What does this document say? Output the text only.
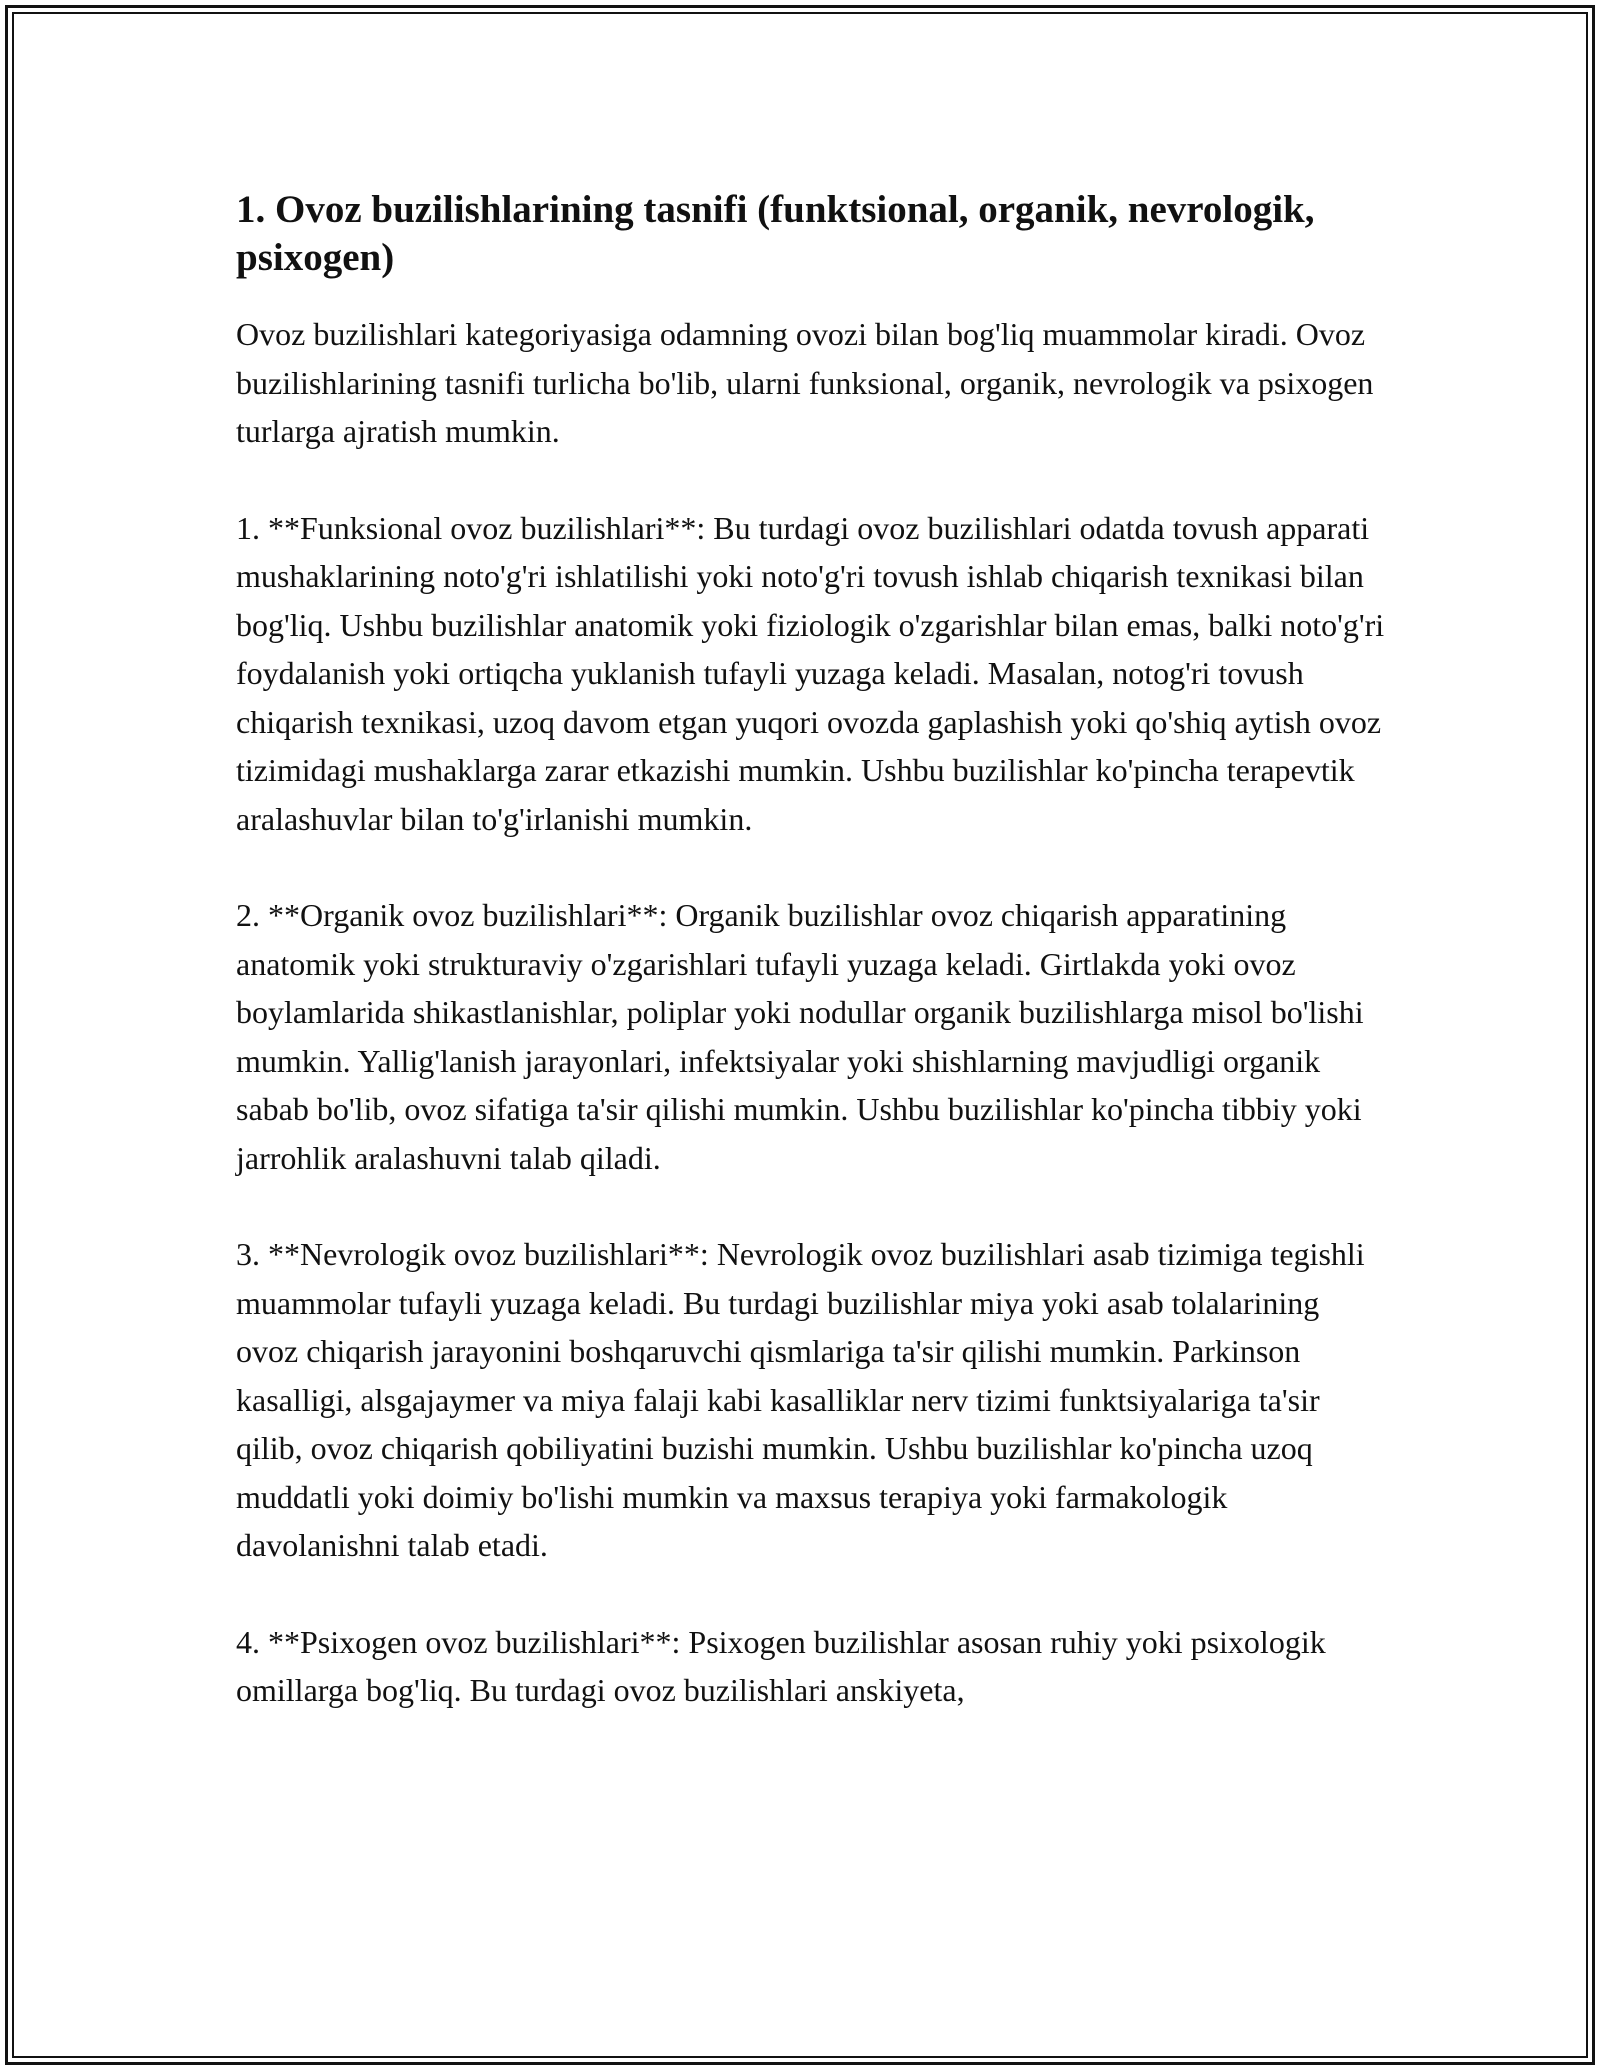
1. Ovoz buzilishlarining tasnifi (funktsional, organik, nevrologik, psixogen)

Ovoz buzilishlari kategoriyasiga odamning ovozi bilan bog'liq muammolar kiradi. Ovoz buzilishlarining tasnifi turlicha bo'lib, ularni funksional, organik, nevrologik va psixogen turlarga ajratish mumkin.

1. **Funksional ovoz buzilishlari**: Bu turdagi ovoz buzilishlari odatda tovush apparati mushaklarining noto'g'ri ishlatilishi yoki noto'g'ri tovush ishlab chiqarish texnikasi bilan bog'liq. Ushbu buzilishlar anatomik yoki fiziologik o'zgarishlar bilan emas, balki noto'g'ri foydalanish yoki ortiqcha yuklanish tufayli yuzaga keladi. Masalan, notog'ri tovush chiqarish texnikasi, uzoq davom etgan yuqori ovozda gaplashish yoki qo'shiq aytish ovoz tizimidagi mushaklarga zarar etkazishi mumkin. Ushbu buzilishlar ko'pincha terapevtik aralashuvlar bilan to'g'irlanishi mumkin.

2. **Organik ovoz buzilishlari**: Organik buzilishlar ovoz chiqarish apparatining anatomik yoki strukturaviy o'zgarishlari tufayli yuzaga keladi. Girtlakda yoki ovoz boylamlarida shikastlanishlar, poliplar yoki nodullar organik buzilishlarga misol bo'lishi mumkin. Yallig'lanish jarayonlari, infektsiyalar yoki shishlarning mavjudligi organik sabab bo'lib, ovoz sifatiga ta'sir qilishi mumkin. Ushbu buzilishlar ko'pincha tibbiy yoki jarrohlik aralashuvni talab qiladi.

3. **Nevrologik ovoz buzilishlari**: Nevrologik ovoz buzilishlari asab tizimiga tegishli muammolar tufayli yuzaga keladi. Bu turdagi buzilishlar miya yoki asab tolalarining ovoz chiqarish jarayonini boshqaruvchi qismlariga ta'sir qilishi mumkin. Parkinson kasalligi, alsgajaymer va miya falaji kabi kasalliklar nerv tizimi funktsiyalariga ta'sir qilib, ovoz chiqarish qobiliyatini buzishi mumkin. Ushbu buzilishlar ko'pincha uzoq muddatli yoki doimiy bo'lishi mumkin va maxsus terapiya yoki farmakologik davolanishni talab etadi.

4. **Psixogen ovoz buzilishlari**: Psixogen buzilishlar asosan ruhiy yoki psixologik omillarga bog'liq. Bu turdagi ovoz buzilishlari anskiyeta,
